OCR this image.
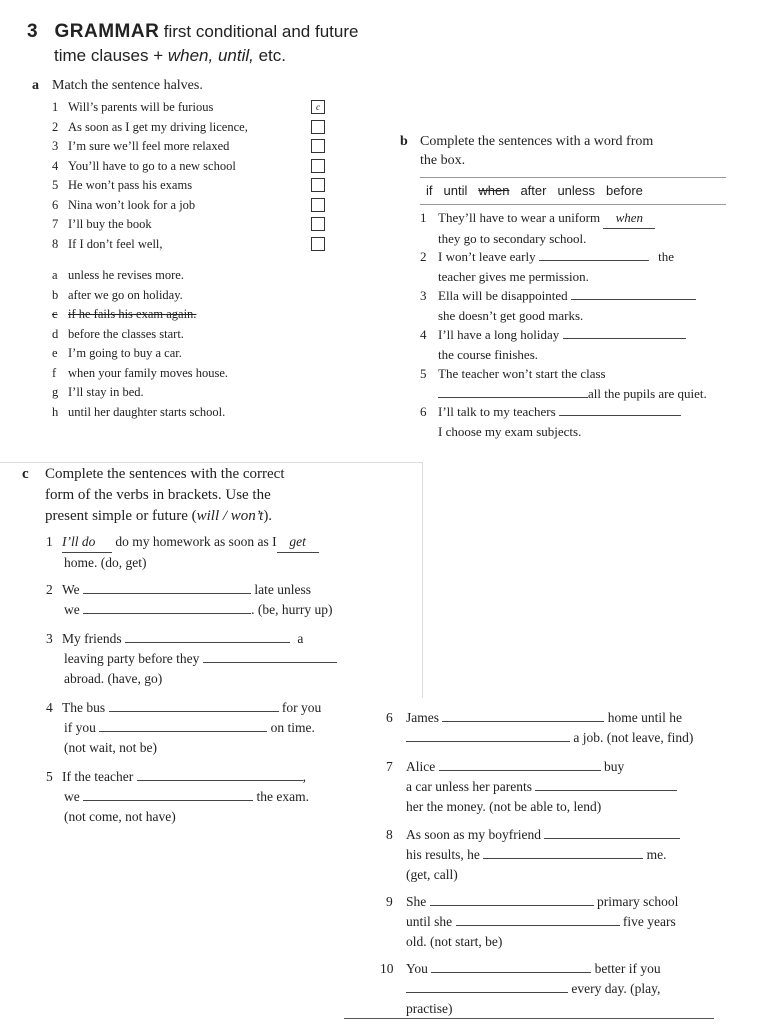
3 GRAMMAR first conditional and future
time clauses + when, until, etc.
a Match the sentence halves.
1 Will’s parents will be furious	c
2 As soon as I get my driving licence,
3 I’m sure we’ll feel more relaxed
4 You’ll have to go to a new school
5 He won’t pass his exams
6 Nina won’t look for a job
7 I’ll buy the book
8 If I don’t feel well,
a unless he revises more.
b after we go on holiday.
c if he fails his exam again.
d before the classes start.
e I’m going to buy a car.
f when your family moves house.
g I’ll stay in bed.
h until her daughter starts school.
b Complete the sentences with a word from
the box.
if until when after unless before
1 They’ll have to wear a uniform when
they go to secondary school.
2 I won’t leave early	the
teacher gives me permission.
3 Ella will be disappointed
she doesn’t get good marks.
4 I’ll have a long holiday
the course finishes.
5 The teacher won’t start the class
all the pupils are quiet.
6 I’ll talk to my teachers
I choose my exam subjects.
c Complete the sentences with the correct
form of the verbs in brackets. Use the
present simple or future (will / won’t).
1 I’ll do do my homework as soon as I get
home. (do, get)
2 We	late unless
we	. (be, hurry up)
3 My friends	a
leaving party before they
abroad. (have, go)
4 The bus	for you
if you	on time.
(not wait, not be)
5 If the teacher	,
we	the exam.
(not come, not have)
6 James	home until he
a job. (not leave, find)
7 Alice	buy
a car unless her parents
her the money. (not be able to, lend)
8 As soon as my boyfriend
his results, he	me.
(get, call)
9 She	primary school
until she	five years
old. (not start, be)
10 You	better if you
every day. (play,
practise)
